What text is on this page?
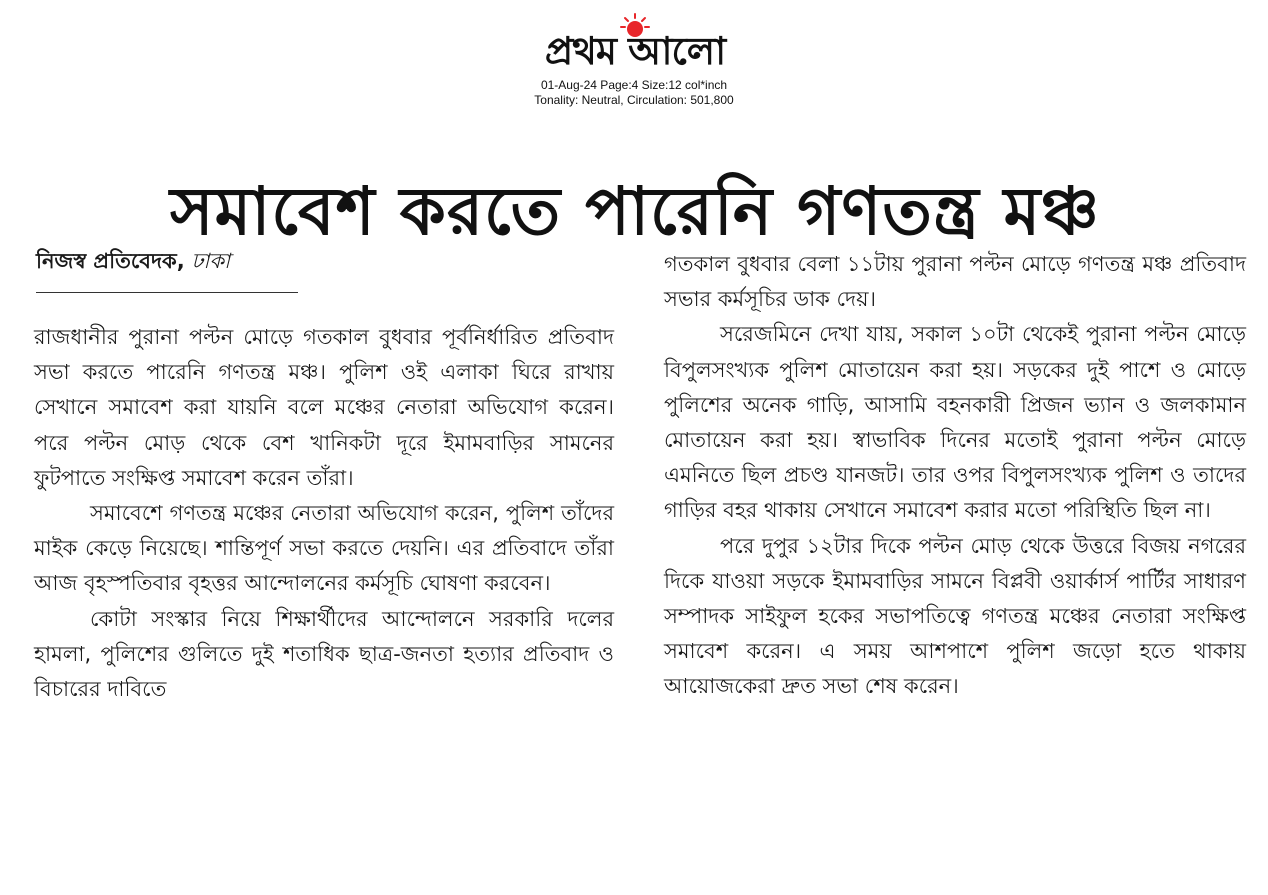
প্রথম আলো
01-Aug-24 Page:4 Size:12 col*inch
Tonality: Neutral, Circulation: 501,800
সমাবেশ করতে পারেনি গণতন্ত্র মঞ্চ
নিজস্ব প্রতিবেদক, ঢাকা

রাজধানীর পুরানা পল্টন মোড়ে গতকাল বুধবার পূর্বনির্ধারিত প্রতিবাদ সভা করতে পারেনি গণতন্ত্র মঞ্চ। পুলিশ ওই এলাকা ঘিরে রাখায় সেখানে সমাবেশ করা যায়নি বলে মঞ্চের নেতারা অভিযোগ করেন। পরে পল্টন মোড় থেকে বেশ খানিকটা দূরে ইমামবাড়ির সামনের ফুটপাতে সংক্ষিপ্ত সমাবেশ করেন তাঁরা।

সমাবেশে গণতন্ত্র মঞ্চের নেতারা অভিযোগ করেন, পুলিশ তাঁদের মাইক কেড়ে নিয়েছে। শান্তিপূর্ণ সভা করতে দেয়নি। এর প্রতিবাদে তাঁরা আজ বৃহস্পতিবার বৃহত্তর আন্দোলনের কর্মসূচি ঘোষণা করবেন।

কোটা সংস্কার নিয়ে শিক্ষার্থীদের আন্দোলনে সরকারি দলের হামলা, পুলিশের গুলিতে দুই শতাধিক ছাত্র-জনতা হত্যার প্রতিবাদ ও বিচারের দাবিতে

গতকাল বুধবার বেলা ১১টায় পুরানা পল্টন মোড়ে গণতন্ত্র মঞ্চ প্রতিবাদ সভার কর্মসূচির ডাক দেয়।

সরেজমিনে দেখা যায়, সকাল ১০টা থেকেই পুরানা পল্টন মোড়ে বিপুলসংখ্যক পুলিশ মোতায়েন করা হয়। সড়কের দুই পাশে ও মোড়ে পুলিশের অনেক গাড়ি, আসামি বহনকারী প্রিজন ভ্যান ও জলকামান মোতায়েন করা হয়। স্বাভাবিক দিনের মতোই পুরানা পল্টন মোড়ে এমনিতে ছিল প্রচণ্ড যানজট। তার ওপর বিপুলসংখ্যক পুলিশ ও তাদের গাড়ির বহর থাকায় সেখানে সমাবেশ করার মতো পরিস্থিতি ছিল না।

পরে দুপুর ১২টার দিকে পল্টন মোড় থেকে উত্তরে বিজয় নগরের দিকে যাওয়া সড়কে ইমামবাড়ির সামনে বিপ্লবী ওয়ার্কার্স পার্টির সাধারণ সম্পাদক সাইফুল হকের সভাপতিত্বে গণতন্ত্র মঞ্চের নেতারা সংক্ষিপ্ত সমাবেশ করেন। এ সময় আশপাশে পুলিশ জড়ো হতে থাকায় আয়োজকেরা দ্রুত সভা শেষ করেন।
